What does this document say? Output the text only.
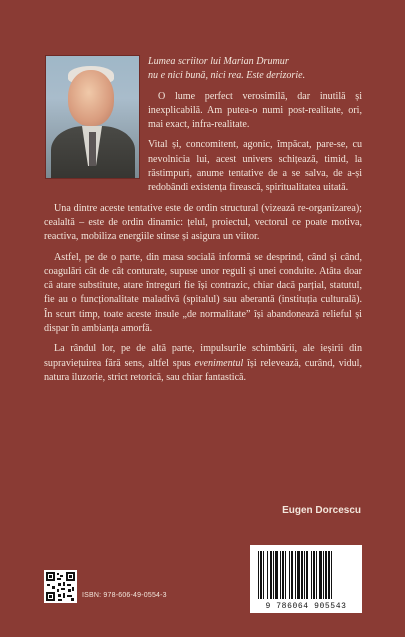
Lumea scriitor lui Marian Drumur

nu e nici bună, nici rea. Este derizorie.

O lume perfect verosimilă, dar inutilă și inexplicabilă. Am putea-o numi post-realitate, ori, mai exact, infra-realitate.

Vital și, concomitent, agonic, împăcat, pare-se, cu nevolnicia lui, acest univers schițează, timid, la răstimpuri, anume tentative de a se salva, de a-și redobândi existența firească, spiritualitatea uitată.

Una dintre aceste tentative este de ordin structural (vizează re-organizarea); cealaltă – este de ordin dinamic: țelul, proiectul, vectorul ce poate motiva, reactiva, mobiliza energiile stinse și asigura un viitor.

Astfel, pe de o parte, din masa socială informă se desprind, când și când, coagulări cât de cât conturate, supuse unor reguli și unei conduite. Atâta doar că atare substitute, atare întreguri fie își contrazic, chiar dacă parțial, statutul, fie au o funcționalitate maladivă (spitalul) sau aberantă (instituția culturală). În scurt timp, toate aceste insule „de normalitate” își abandonează relieful și dispar în ambianța amorfă.

La rândul lor, pe de altă parte, impulsurile schimbării, ale ieșirii din supraviețuirea fără sens, altfel spus evenimentul își relevează, curând, vidul, natura iluzorie, strict retorică, sau chiar fantastică.

Eugen Dorcescu
ISBN: 978-606-49-0554-3
9 786064 905543
